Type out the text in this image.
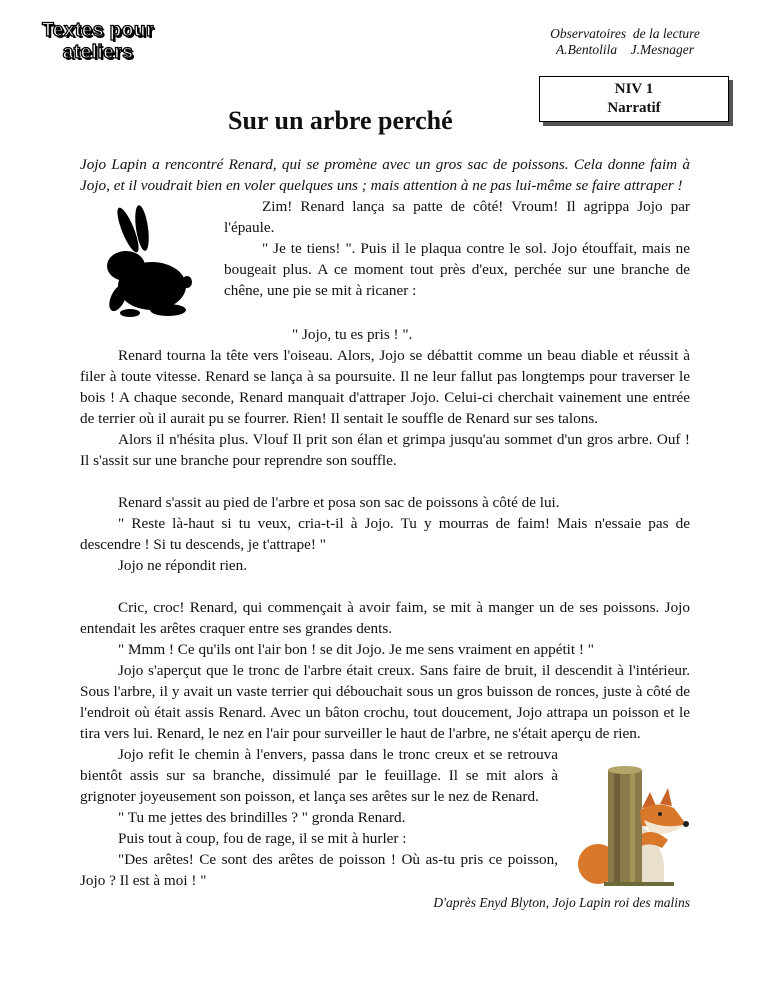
Textes pour
ateliers
Observatoires  de la lecture
A.Bentolila    J.Mesnager
NIV 1
Narratif
Sur un arbre perché

Jojo Lapin a rencontré Renard, qui se promène avec un gros sac de poissons. Cela donne faim à Jojo, et il voudrait bien en voler quelques uns ; mais attention à ne pas lui-même se faire attraper !

Zim! Renard lança sa patte de côté! Vroum! Il agrippa Jojo par l'épaule.

" Je te tiens! ". Puis il le plaqua contre le sol. Jojo étouffait, mais ne bougeait plus. A ce moment tout près d'eux, perchée sur une branche de chêne, une pie se mit à ricaner :

" Jojo, tu es pris ! ".

Renard tourna la tête vers l'oiseau. Alors, Jojo se débattit comme un beau diable et réussit à filer à toute vitesse. Renard se lança à sa poursuite. Il ne leur fallut pas longtemps pour traverser le bois ! A chaque seconde, Renard manquait d'attraper Jojo. Celui-ci cherchait vainement une entrée de terrier où il aurait pu se fourrer. Rien! Il sentait le souffle de Renard sur ses talons.

Alors il n'hésita plus. Vlouf Il prit son élan et grimpa jusqu'au sommet d'un gros arbre. Ouf ! Il s'assit sur une branche pour reprendre son souffle.

Renard s'assit au pied de l'arbre et posa son sac de poissons à côté de lui.

" Reste là-haut si tu veux, cria-t-il à Jojo. Tu y mourras de faim! Mais n'essaie pas de descendre ! Si tu descends, je t'attrape! "

Jojo ne répondit rien.

Cric, croc! Renard, qui commençait à avoir faim, se mit à manger un de ses poissons. Jojo entendait les arêtes craquer entre ses grandes dents.

" Mmm ! Ce qu'ils ont l'air bon ! se dit Jojo. Je me sens vraiment en appétit ! "

Jojo s'aperçut que le tronc de l'arbre était creux. Sans faire de bruit, il descendit à l'intérieur. Sous l'arbre, il y avait un vaste terrier qui débouchait sous un gros buisson de ronces, juste à côté de l'endroit où était assis Renard. Avec un bâton crochu, tout doucement, Jojo attrapa un poisson et le tira vers lui. Renard, le nez en l'air pour surveiller le haut de l'arbre, ne s'était aperçu de rien.

Jojo refit le chemin à l'envers, passa dans le tronc creux et se retrouva bientôt assis sur sa branche, dissimulé par le feuillage. Il se mit alors à grignoter joyeusement son poisson, et lança ses arêtes sur le nez de Renard.

" Tu me jettes des brindilles ? " gronda Renard.

Puis tout à coup, fou de rage, il se mit à hurler :

"Des arêtes! Ce sont des arêtes de poisson ! Où as-tu pris ce poisson, Jojo ? Il est à moi ! "

D'après Enyd Blyton, Jojo Lapin roi des malins
